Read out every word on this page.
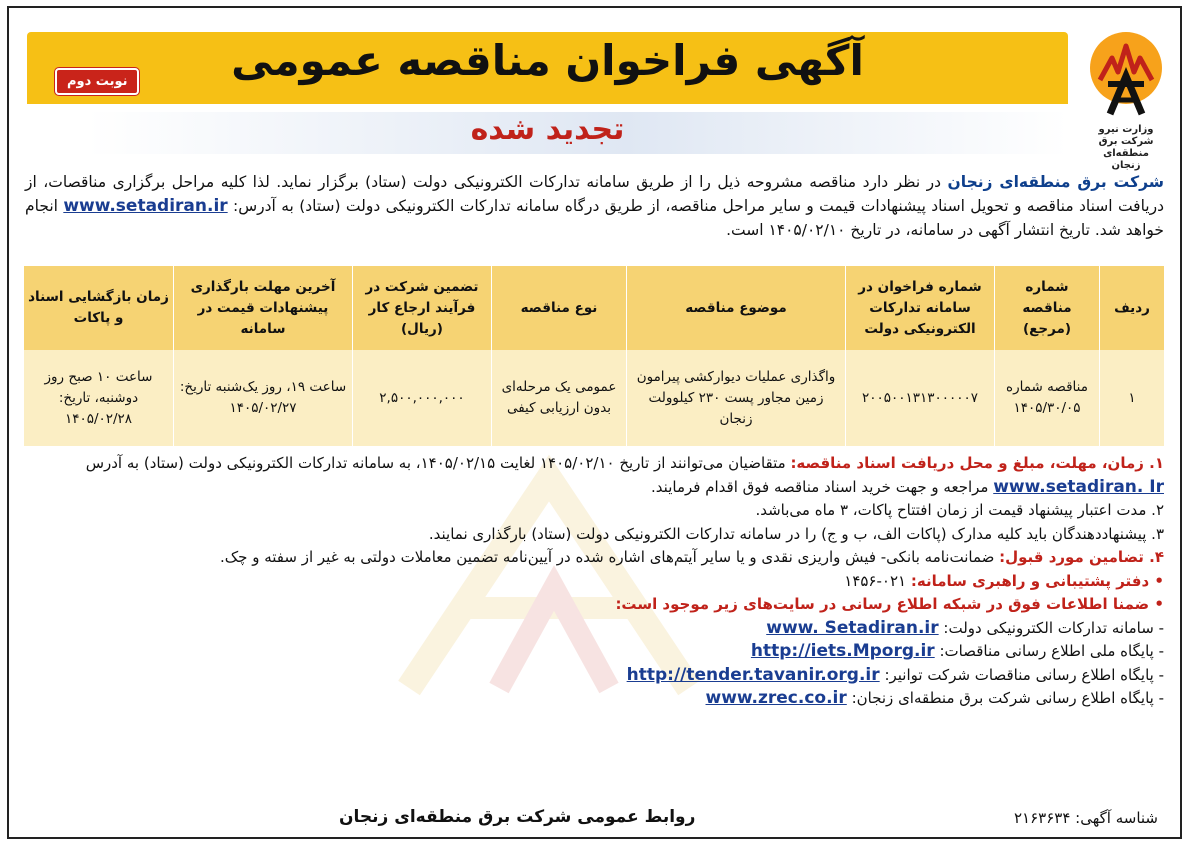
وزارت نیرو
شرکت برق منطقه‌ای
زنجان
آگهی فراخوان مناقصه عمومی
نوبت دوم
تجدید شده
شرکت برق منطقه‌ای زنجان در نظر دارد مناقصه مشروحه ذیل را از طریق سامانه تدارکات الکترونیکی دولت (ستاد) برگزار نماید. لذا کلیه مراحل برگزاری مناقصات، از دریافت اسناد مناقصه و تحویل اسناد پیشنهادات قیمت و سایر مراحل مناقصه، از طریق درگاه سامانه تدارکات الکترونیکی دولت (ستاد) به آدرس: www.setadiran.ir انجام خواهد شد. تاریخ انتشار آگهی در سامانه، در تاریخ ۱۴۰۵/۰۲/۱۰ است.
ردیف	شماره مناقصه (مرجع)	شماره فراخوان در سامانه تدارکات الکترونیکی دولت	موضوع مناقصه	نوع مناقصه	تضمین شرکت در فرآیند ارجاع کار (ریال)	آخرین مهلت بارگذاری پیشنهادات قیمت در سامانه	زمان بازگشایی اسناد و پاکات
۱	مناقصه شماره ۱۴۰۵/۳۰/۰۵	۲۰۰۵۰۰۱۳۱۳۰۰۰۰۰۷	واگذاری عملیات دیوارکشی پیرامون زمین مجاور پست ۲۳۰ کیلوولت زنجان	عمومی یک مرحله‌ای بدون ارزیابی کیفی	۲,۵۰۰,۰۰۰,۰۰۰	ساعت ۱۹، روز یک‌شنبه تاریخ: ۱۴۰۵/۰۲/۲۷	ساعت ۱۰ صبح روز دوشنبه، تاریخ: ۱۴۰۵/۰۲/۲۸

۱. زمان، مهلت، مبلغ و محل دریافت اسناد مناقصه: متقاضیان می‌توانند از تاریخ ۱۴۰۵/۰۲/۱۰ لغایت ۱۴۰۵/۰۲/۱۵، به سامانه تدارکات الکترونیکی دولت (ستاد) به آدرس www.setadiran. Ir مراجعه و جهت خرید اسناد مناقصه فوق اقدام فرمایند.

۲. مدت اعتبار پیشنهاد قیمت از زمان افتتاح پاکات، ۳ ماه می‌باشد.

۳. پیشنهاددهندگان باید کلیه مدارک (پاکات الف، ب و ج) را در سامانه تدارکات الکترونیکی دولت (ستاد) بارگذاری نمایند.

۴. تضامین مورد قبول: ضمانت‌نامه بانکی- فیش واریزی نقدی و یا سایر آیتم‌های اشاره شده در آیین‌نامه تضمین معاملات دولتی به غیر از سفته و چک.

• دفتر پشتیبانی و راهبری سامانه: ۰۲۱-۱۴۵۶

• ضمنا اطلاعات فوق در شبکه اطلاع رسانی در سایت‌های زیر موجود است:

- سامانه تدارکات الکترونیکی دولت: www. Setadiran.ir

- پایگاه ملی اطلاع رسانی مناقصات: http://iets.Mporg.ir

- پایگاه اطلاع رسانی مناقصات شرکت توانیر: http://tender.tavanir.org.ir

- پایگاه اطلاع رسانی شرکت برق منطقه‌ای زنجان: www.zrec.co.ir

شناسه آگهی: ۲۱۶۳۶۳۴
روابط عمومی شرکت برق منطقه‌ای زنجان
